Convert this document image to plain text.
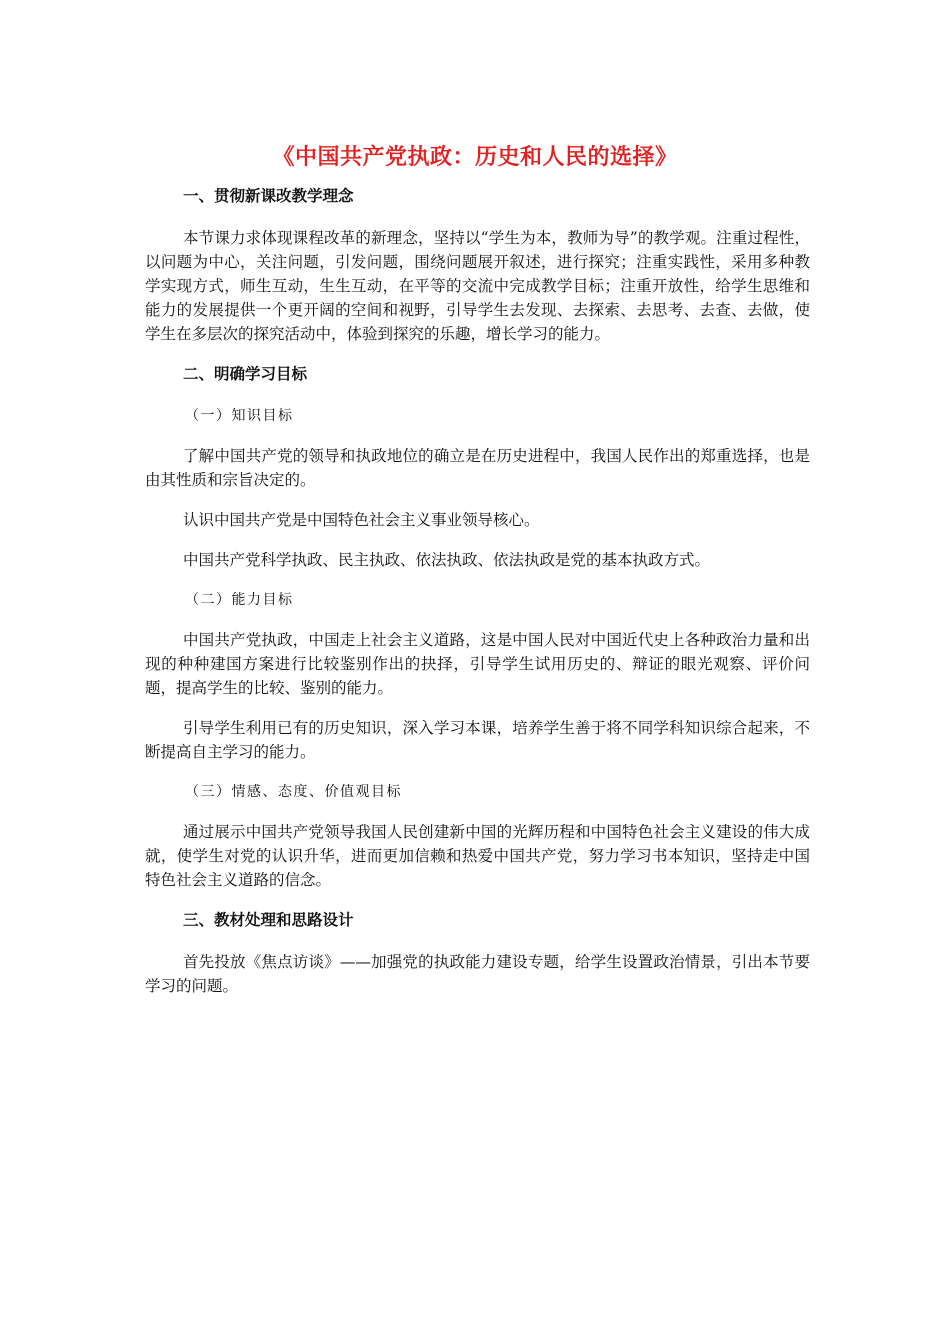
《中国共产党执政：历史和人民的选择》
一、贯彻新课改教学理念

本节课力求体现课程改革的新理念，坚持以“学生为本，教师为导”的教学观。注重过程性，以问题为中心，关注问题，引发问题，围绕问题展开叙述，进行探究；注重实践性，采用多种教学实现方式，师生互动，生生互动，在平等的交流中完成教学目标；注重开放性，给学生思维和能力的发展提供一个更开阔的空间和视野，引导学生去发现、去探索、去思考、去查、去做，使学生在多层次的探究活动中，体验到探究的乐趣，增长学习的能力。

二、明确学习目标
（一）知识目标

了解中国共产党的领导和执政地位的确立是在历史进程中，我国人民作出的郑重选择，也是由其性质和宗旨决定的。

认识中国共产党是中国特色社会主义事业领导核心。

中国共产党科学执政、民主执政、依法执政、依法执政是党的基本执政方式。

（二）能力目标

中国共产党执政，中国走上社会主义道路，这是中国人民对中国近代史上各种政治力量和出现的种种建国方案进行比较鉴别作出的抉择，引导学生试用历史的、辩证的眼光观察、评价问题，提高学生的比较、鉴别的能力。

引导学生利用已有的历史知识，深入学习本课，培养学生善于将不同学科知识综合起来，不断提高自主学习的能力。

（三）情感、态度、价值观目标

通过展示中国共产党领导我国人民创建新中国的光辉历程和中国特色社会主义建设的伟大成就，使学生对党的认识升华，进而更加信赖和热爱中国共产党，努力学习书本知识，坚持走中国特色社会主义道路的信念。

三、教材处理和思路设计

首先投放《焦点访谈》——加强党的执政能力建设专题，给学生设置政治情景，引出本节要学习的问题。
